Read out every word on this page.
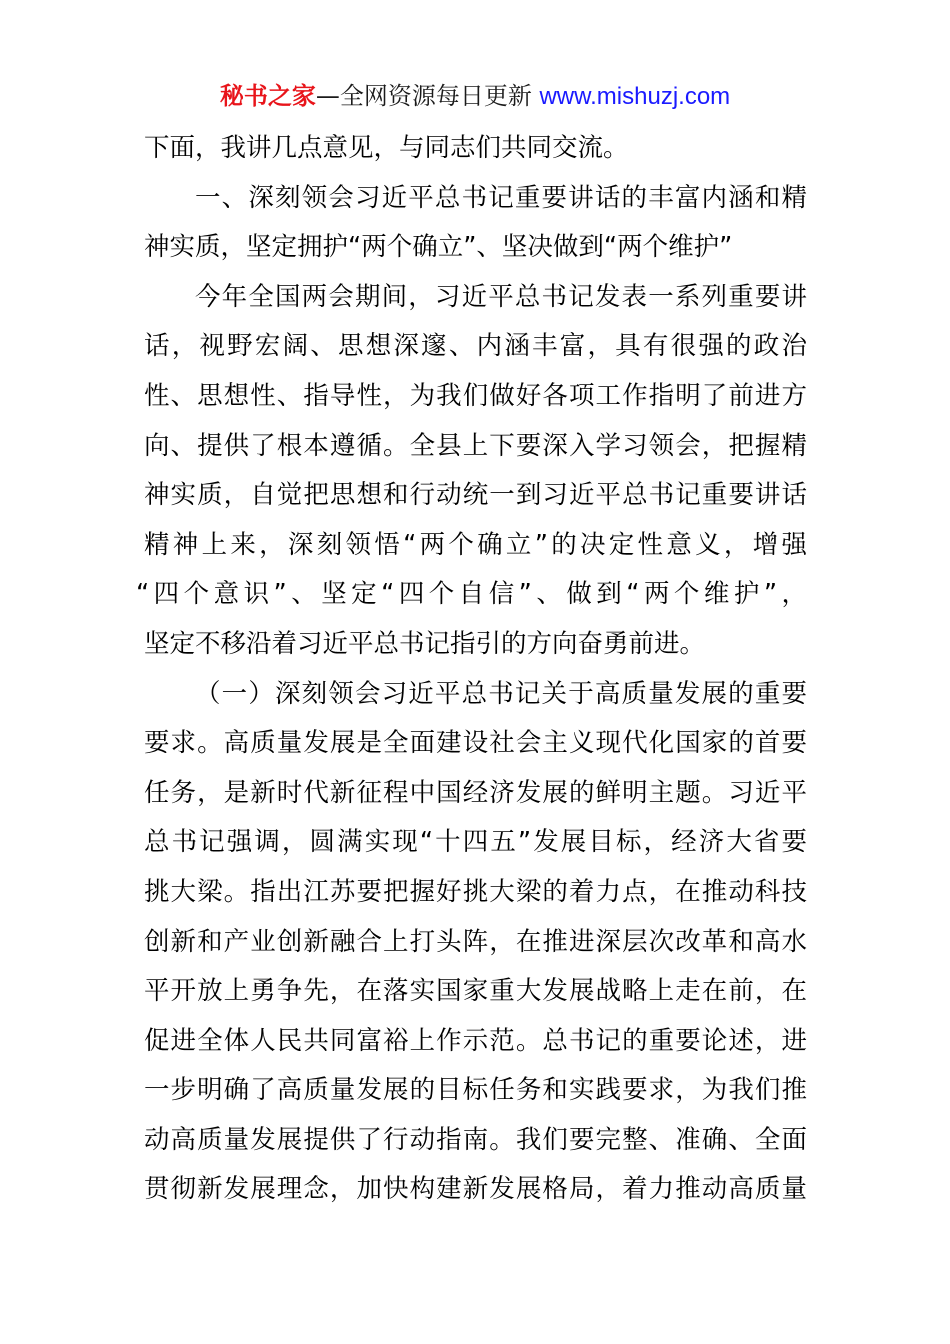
秘书之家—全网资源每日更新 www.mishuzj.com
下面，我讲几点意见，与同志们共同交流。
一、深刻领会习近平总书记重要讲话的丰富内涵和精
神实质，坚定拥护“两个确立”、坚决做到“两个维护”
今年全国两会期间，习近平总书记发表一系列重要讲
话，视野宏阔、思想深邃、内涵丰富，具有很强的政治
性、思想性、指导性，为我们做好各项工作指明了前进方
向、提供了根本遵循。全县上下要深入学习领会，把握精
神实质，自觉把思想和行动统一到习近平总书记重要讲话
精神上来，深刻领悟“两个确立”的决定性意义，增强
“四个意识”、坚定“四个自信”、做到“两个维护”，
坚定不移沿着习近平总书记指引的方向奋勇前进。
（一）深刻领会习近平总书记关于高质量发展的重要
要求。高质量发展是全面建设社会主义现代化国家的首要
任务，是新时代新征程中国经济发展的鲜明主题。习近平
总书记强调，圆满实现“十四五”发展目标，经济大省要
挑大梁。指出江苏要把握好挑大梁的着力点，在推动科技
创新和产业创新融合上打头阵，在推进深层次改革和高水
平开放上勇争先，在落实国家重大发展战略上走在前，在
促进全体人民共同富裕上作示范。总书记的重要论述，进
一步明确了高质量发展的目标任务和实践要求，为我们推
动高质量发展提供了行动指南。我们要完整、准确、全面
贯彻新发展理念，加快构建新发展格局，着力推动高质量
